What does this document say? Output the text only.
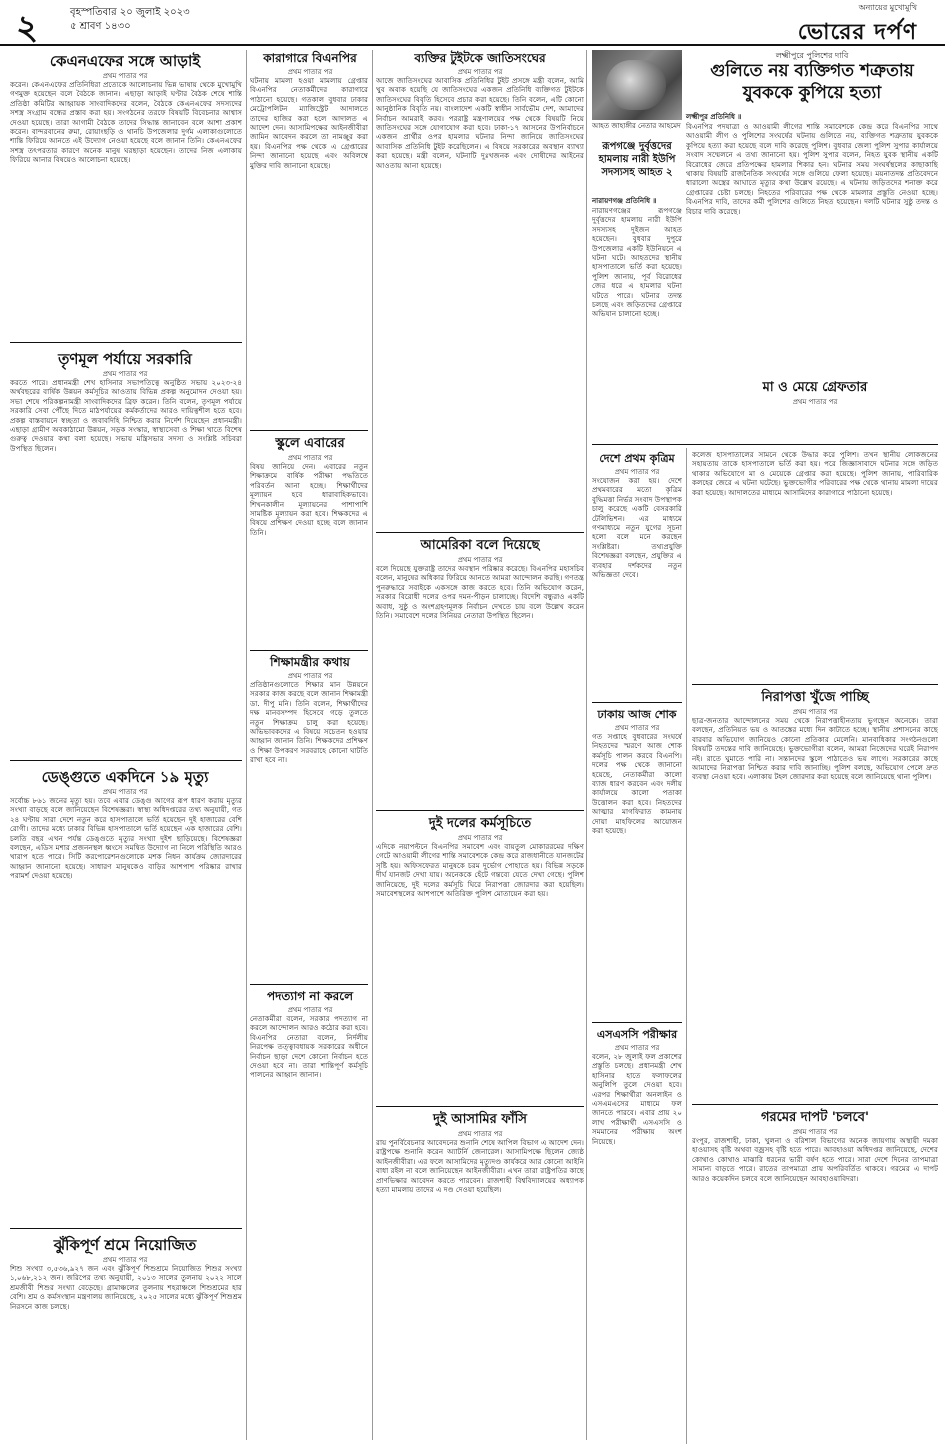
২	বৃহস্পতিবার ২০ জুলাই ২০২৩
৫ শ্রাবণ ১৪৩০
অন্যায়ের মুখোমুখি
ভোরের দর্পণ
কেএনএফের সঙ্গে আড়াই
প্রথম পাতার পর
করেন। কেএনএফের প্রতিনিধিরা প্রত্যেকে আলোচনায় ভিন্ন ভাষায় থেকে মুখোমুখি গণমুক্ত হয়েছেন বলে বৈঠকে জানান। এছাড়া আড়াই ঘণ্টার বৈঠক শেষে শান্তি প্রতিষ্ঠা কমিটির আহ্বায়ক সাংবাদিকদের বলেন, বৈঠকে কেএনএফের সদস্যদের সশস্ত্র সংগ্রাম বন্ধের প্রস্তাব করা হয়। সংগঠনের তরফে বিষয়টি বিবেচনার আশ্বাস দেওয়া হয়েছে। তারা আগামী বৈঠকে তাদের সিদ্ধান্ত জানাবেন বলে আশা প্রকাশ করেন। বান্দরবানের রুমা, রোয়াংছড়ি ও থানচি উপজেলার দুর্গম এলাকাগুলোতে শান্তি ফিরিয়ে আনতে এই উদ্যোগ নেওয়া হয়েছে বলে জানান তিনি। কেএনএফের সশস্ত্র তৎপরতার কারণে অনেক মানুষ ঘরছাড়া হয়েছেন। তাদের নিজ এলাকায় ফিরিয়ে আনার বিষয়েও আলোচনা হয়েছে।
তৃণমূল পর্যায়ে সরকারি
প্রথম পাতার পর
করতে পারে। প্রধানমন্ত্রী শেখ হাসিনার সভাপতিত্বে অনুষ্ঠিত সভায় ২০২৩-২৪ অর্থবছরের বার্ষিক উন্নয়ন কর্মসূচির আওতায় বিভিন্ন প্রকল্প অনুমোদন দেওয়া হয়। সভা শেষে পরিকল্পনামন্ত্রী সাংবাদিকদের ব্রিফ করেন। তিনি বলেন, তৃণমূল পর্যায়ে সরকারি সেবা পৌঁছে দিতে মাঠপর্যায়ের কর্মকর্তাদের আরও দায়িত্বশীল হতে হবে। প্রকল্প বাস্তবায়নে স্বচ্ছতা ও জবাবদিহি নিশ্চিত করার নির্দেশ দিয়েছেন প্রধানমন্ত্রী। এছাড়া গ্রামীণ অবকাঠামো উন্নয়ন, সড়ক সংস্কার, স্বাস্থ্যসেবা ও শিক্ষা খাতে বিশেষ গুরুত্ব দেওয়ার কথা বলা হয়েছে। সভায় মন্ত্রিসভার সদস্য ও সংশ্লিষ্ট সচিবরা উপস্থিত ছিলেন।
ডেঙ্গুতে একদিনে ১৯ মৃত্যু
প্রথম পাতার পর
সর্বোচ্চ ৮৬১ জনের মৃত্যু হয়। তবে এবার ডেঙ্গু আগের রূপ ধারণ করায় মৃত্যুর সংখ্যা বাড়ছে বলে জানিয়েছেন বিশেষজ্ঞরা। স্বাস্থ্য অধিদপ্তরের তথ্য অনুযায়ী, গত ২৪ ঘণ্টায় সারা দেশে নতুন করে হাসপাতালে ভর্তি হয়েছেন দুই হাজারের বেশি রোগী। তাদের মধ্যে ঢাকার বিভিন্ন হাসপাতালে ভর্তি হয়েছেন এক হাজারের বেশি। চলতি বছর এখন পর্যন্ত ডেঙ্গুতে মৃত্যুর সংখ্যা দুইশ ছাড়িয়েছে। বিশেষজ্ঞরা বলছেন, এডিস মশার প্রজননস্থল ধ্বংসে সমন্বিত উদ্যোগ না নিলে পরিস্থিতি আরও খারাপ হতে পারে। সিটি করপোরেশনগুলোকে মশক নিধন কার্যক্রম জোরদারের আহ্বান জানানো হয়েছে। সাধারণ মানুষকেও বাড়ির আশপাশ পরিষ্কার রাখার পরামর্শ দেওয়া হয়েছে।
ঝুঁকিপূর্ণ শ্রমে নিয়োজিত
প্রথম পাতার পর
শিশু সংখ্যা ৩,৫৩৬,৯২৭ জন এবং ঝুঁকিপূর্ণ শিশুশ্রমে নিয়োজিত শিশুর সংখ্যা ১,০৬৮,২১২ জন। জরিপের তথ্য অনুযায়ী, ২০১৩ সালের তুলনায় ২০২২ সালে শ্রমজীবী শিশুর সংখ্যা বেড়েছে। গ্রামাঞ্চলের তুলনায় শহরাঞ্চলে শিশুশ্রমের হার বেশি। শ্রম ও কর্মসংস্থান মন্ত্রণালয় জানিয়েছে, ২০২৫ সালের মধ্যে ঝুঁকিপূর্ণ শিশুশ্রম নিরসনে কাজ চলছে।
কারাগারে বিএনপির
প্রথম পাতার পর
ঘটনায় মামলা হওয়া মামলায় গ্রেপ্তার বিএনপির নেতাকর্মীদের কারাগারে পাঠানো হয়েছে। গতকাল বুধবার ঢাকার মেট্রোপলিটন ম্যাজিস্ট্রেট আদালতে তাদের হাজির করা হলে আদালত এ আদেশ দেন। আসামিপক্ষের আইনজীবীরা জামিন আবেদন করলে তা নামঞ্জুর করা হয়। বিএনপির পক্ষ থেকে এ গ্রেপ্তারের নিন্দা জানানো হয়েছে এবং অবিলম্বে মুক্তির দাবি জানানো হয়েছে।
স্কুলে এবারের
প্রথম পাতার পর
বিষয় জানিয়ে দেন। এবারের নতুন শিক্ষাক্রমে বার্ষিক পরীক্ষা পদ্ধতিতে পরিবর্তন আনা হচ্ছে। শিক্ষার্থীদের মূল্যায়ন হবে ধারাবাহিকভাবে। শিখনকালীন মূল্যায়নের পাশাপাশি সামষ্টিক মূল্যায়ন করা হবে। শিক্ষকদের এ বিষয়ে প্রশিক্ষণ দেওয়া হচ্ছে বলে জানান তিনি।
শিক্ষামন্ত্রীর কথায়
প্রথম পাতার পর
প্রতিষ্ঠানগুলোতে শিক্ষার মান উন্নয়নে সরকার কাজ করছে বলে জানান শিক্ষামন্ত্রী ডা. দীপু মনি। তিনি বলেন, শিক্ষার্থীদের দক্ষ মানবসম্পদ হিসেবে গড়ে তুলতে নতুন শিক্ষাক্রম চালু করা হয়েছে। অভিভাবকদের এ বিষয়ে সচেতন হওয়ার আহ্বান জানান তিনি। শিক্ষকদের প্রশিক্ষণ ও শিক্ষা উপকরণ সরবরাহে কোনো ঘাটতি রাখা হবে না।
পদত্যাগ না করলে
প্রথম পাতার পর
নেতাকর্মীরা বলেন, সরকার পদত্যাগ না করলে আন্দোলন আরও কঠোর করা হবে। বিএনপির নেতারা বলেন, নির্দলীয় নিরপেক্ষ তত্ত্বাবধায়ক সরকারের অধীনে নির্বাচন ছাড়া দেশে কোনো নির্বাচন হতে দেওয়া হবে না। তারা শান্তিপূর্ণ কর্মসূচি পালনের আহ্বান জানান।
ব্যক্তির টুইটকে জাতিসংঘের
প্রথম পাতার পর
আজে জাতিসংঘের আবাসিক প্রতিনিধির টুইট প্রসঙ্গে মন্ত্রী বলেন, আমি খুব অবাক হয়েছি যে জাতিসংঘের একজন প্রতিনিধি ব্যক্তিগত টুইটকে জাতিসংঘের বিবৃতি হিসেবে প্রচার করা হয়েছে। তিনি বলেন, এটি কোনো আনুষ্ঠানিক বিবৃতি নয়। বাংলাদেশ একটি স্বাধীন সার্বভৌম দেশ, আমাদের নির্বাচন আমরাই করব। পররাষ্ট্র মন্ত্রণালয়ের পক্ষ থেকে বিষয়টি নিয়ে জাতিসংঘের সঙ্গে যোগাযোগ করা হবে। ঢাকা-১৭ আসনের উপনির্বাচনে একজন প্রার্থীর ওপর হামলার ঘটনার নিন্দা জানিয়ে জাতিসংঘের আবাসিক প্রতিনিধি টুইট করেছিলেন। এ বিষয়ে সরকারের অবস্থান ব্যাখ্যা করা হয়েছে। মন্ত্রী বলেন, ঘটনাটি দুঃখজনক এবং দোষীদের আইনের আওতায় আনা হয়েছে।
আমেরিকা বলে দিয়েছে
প্রথম পাতার পর
বলে দিয়েছে যুক্তরাষ্ট্র তাদের অবস্থান পরিষ্কার করেছে। বিএনপির মহাসচিব বলেন, মানুষের অধিকার ফিরিয়ে আনতে আমরা আন্দোলন করছি। গণতন্ত্র পুনরুদ্ধারে সবাইকে একসঙ্গে কাজ করতে হবে। তিনি অভিযোগ করেন, সরকার বিরোধী দলের ওপর দমন-পীড়ন চালাচ্ছে। বিদেশি বন্ধুরাও একটি অবাধ, সুষ্ঠু ও অংশগ্রহণমূলক নির্বাচন দেখতে চায় বলে উল্লেখ করেন তিনি। সমাবেশে দলের সিনিয়র নেতারা উপস্থিত ছিলেন।
দুই দলের কর্মসূচিতে
প্রথম পাতার পর
এদিকে নয়াপল্টনে বিএনপির সমাবেশ এবং বায়তুল মোকাররমের দক্ষিণ গেটে আওয়ামী লীগের শান্তি সমাবেশকে কেন্দ্র করে রাজধানীতে যানজটের সৃষ্টি হয়। অফিসফেরত মানুষকে চরম দুর্ভোগ পোহাতে হয়। বিভিন্ন সড়কে দীর্ঘ যানজট দেখা যায়। অনেককে হেঁটে গন্তব্যে যেতে দেখা গেছে। পুলিশ জানিয়েছে, দুই দলের কর্মসূচি ঘিরে নিরাপত্তা জোরদার করা হয়েছিল। সমাবেশস্থলের আশপাশে অতিরিক্ত পুলিশ মোতায়েন করা হয়।
দুই আসামির ফাঁসি
প্রথম পাতার পর
রায় পুনর্বিবেচনার আবেদনের শুনানি শেষে আপিল বিভাগ এ আদেশ দেন। রাষ্ট্রপক্ষে শুনানি করেন অ্যাটর্নি জেনারেল। আসামিপক্ষে ছিলেন জ্যেষ্ঠ আইনজীবীরা। এর ফলে আসামিদের মৃত্যুদণ্ড কার্যকরে আর কোনো আইনি বাধা রইল না বলে জানিয়েছেন আইনজীবীরা। এখন তারা রাষ্ট্রপতির কাছে প্রাণভিক্ষার আবেদন করতে পারবেন। রাজশাহী বিশ্ববিদ্যালয়ের অধ্যাপক হত্যা মামলায় তাদের এ দণ্ড দেওয়া হয়েছিল।
আহত জাহাঙ্গীর নেতার আহমেদ
লক্ষ্মীপুরে পুলিশের দাবি
গুলিতে নয় ব্যক্তিগত শত্রুতায় যুবককে কুপিয়ে হত্যা
লক্ষ্মীপুর প্রতিনিধি ॥
বিএনপির পদযাত্রা ও আওয়ামী লীগের শান্তি সমাবেশকে কেন্দ্র করে বিএনপির সাথে আওয়ামী লীগ ও পুলিশের সংঘর্ষের ঘটনায় গুলিতে নয়, ব্যক্তিগত শত্রুতায় যুবককে কুপিয়ে হত্যা করা হয়েছে বলে দাবি করেছে পুলিশ। বুধবার জেলা পুলিশ সুপার কার্যালয়ে সংবাদ সম্মেলনে এ তথ্য জানানো হয়। পুলিশ সুপার বলেন, নিহত যুবক স্থানীয় একটি বিরোধের জেরে প্রতিপক্ষের হামলার শিকার হন। ঘটনার সময় সংঘর্ষস্থলের কাছাকাছি থাকায় বিষয়টি রাজনৈতিক সংঘর্ষের সঙ্গে গুলিয়ে ফেলা হয়েছে। ময়নাতদন্ত প্রতিবেদনে ধারালো অস্ত্রের আঘাতে মৃত্যুর কথা উল্লেখ রয়েছে। এ ঘটনায় জড়িতদের শনাক্ত করে গ্রেপ্তারের চেষ্টা চলছে। নিহতের পরিবারের পক্ষ থেকে মামলার প্রস্তুতি নেওয়া হচ্ছে। বিএনপির দাবি, তাদের কর্মী পুলিশের গুলিতে নিহত হয়েছেন। দলটি ঘটনার সুষ্ঠু তদন্ত ও বিচার দাবি করেছে।
রূপগঞ্জে দুর্বৃত্তদের হামলায় নারী ইউপি সদস্যসহ আহত ২
নারায়ণগঞ্জ প্রতিনিধি ॥
নারায়ণগঞ্জের রূপগঞ্জে দুর্বৃত্তদের হামলায় নারী ইউপি সদস্যসহ দুইজন আহত হয়েছেন। বুধবার দুপুরে উপজেলার একটি ইউনিয়নে এ ঘটনা ঘটে। আহতদের স্থানীয় হাসপাতালে ভর্তি করা হয়েছে। পুলিশ জানায়, পূর্ব বিরোধের জের ধরে এ হামলার ঘটনা ঘটতে পারে। ঘটনার তদন্ত চলছে এবং জড়িতদের গ্রেপ্তারে অভিযান চালানো হচ্ছে।
দেশে প্রথম কৃত্রিম
প্রথম পাতার পর
সংযোজন করা হয়। দেশে প্রথমবারের মতো কৃত্রিম বুদ্ধিমত্তা নির্ভর সংবাদ উপস্থাপক চালু করেছে একটি বেসরকারি টেলিভিশন। এর মাধ্যমে গণমাধ্যমে নতুন যুগের সূচনা হলো বলে মনে করছেন সংশ্লিষ্টরা। তথ্যপ্রযুক্তি বিশেষজ্ঞরা বলছেন, প্রযুক্তির এ ব্যবহার দর্শকদের নতুন অভিজ্ঞতা দেবে।
ঢাকায় আজ শোক
প্রথম পাতার পর
গত সপ্তাহে বুধবারের সংঘর্ষে নিহতদের স্মরণে আজ শোক কর্মসূচি পালন করবে বিএনপি। দলের পক্ষ থেকে জানানো হয়েছে, নেতাকর্মীরা কালো ব্যাজ ধারণ করবেন এবং দলীয় কার্যালয়ে কালো পতাকা উত্তোলন করা হবে। নিহতদের আত্মার মাগফিরাত কামনায় দোয়া মাহফিলের আয়োজন করা হয়েছে।
এসএসসি পরীক্ষার
প্রথম পাতার পর
বলেন, ২৮ জুলাই ফল প্রকাশের প্রস্তুতি চলছে। প্রধানমন্ত্রী শেখ হাসিনার হাতে ফলাফলের অনুলিপি তুলে দেওয়া হবে। এরপর শিক্ষার্থীরা অনলাইন ও এসএমএসের মাধ্যমে ফল জানতে পারবে। এবার প্রায় ২০ লাখ পরীক্ষার্থী এসএসসি ও সমমানের পরীক্ষায় অংশ নিয়েছে।
মা ও মেয়ে গ্রেফতার
প্রথম পাতার পর
কলেজ হাসপাতালের সামনে থেকে উদ্ধার করে পুলিশ। তখন স্থানীয় লোকজনের সহায়তায় তাকে হাসপাতালে ভর্তি করা হয়। পরে জিজ্ঞাসাবাদে ঘটনার সঙ্গে জড়িত থাকার অভিযোগে মা ও মেয়েকে গ্রেপ্তার করা হয়েছে। পুলিশ জানায়, পারিবারিক কলহের জেরে এ ঘটনা ঘটেছে। ভুক্তভোগীর পরিবারের পক্ষ থেকে থানায় মামলা দায়ের করা হয়েছে। আদালতের মাধ্যমে আসামিদের কারাগারে পাঠানো হয়েছে।
নিরাপত্তা খুঁজে পাচ্ছি
প্রথম পাতার পর
ছাত্র-জনতার আন্দোলনের সময় থেকে নিরাপত্তাহীনতায় ভুগছেন অনেকে। তারা বলছেন, প্রতিনিয়ত ভয় ও আতঙ্কের মধ্যে দিন কাটাতে হচ্ছে। স্থানীয় প্রশাসনের কাছে বারবার অভিযোগ জানিয়েও কোনো প্রতিকার মেলেনি। মানবাধিকার সংগঠনগুলো বিষয়টি তদন্তের দাবি জানিয়েছে। ভুক্তভোগীরা বলেন, আমরা নিজেদের ঘরেই নিরাপদ নই। রাতে ঘুমাতে পারি না। সন্তানদের স্কুলে পাঠাতেও ভয় লাগে। সরকারের কাছে আমাদের নিরাপত্তা নিশ্চিত করার দাবি জানাচ্ছি। পুলিশ বলছে, অভিযোগ পেলে দ্রুত ব্যবস্থা নেওয়া হবে। এলাকায় টহল জোরদার করা হয়েছে বলে জানিয়েছে থানা পুলিশ।
গরমের দাপট 'চলবে'
প্রথম পাতার পর
রংপুর, রাজশাহী, ঢাকা, খুলনা ও বরিশাল বিভাগের অনেক জায়গায় অস্থায়ী দমকা হাওয়াসহ বৃষ্টি অথবা বজ্রসহ বৃষ্টি হতে পারে। আবহাওয়া অধিদপ্তর জানিয়েছে, দেশের কোথাও কোথাও মাঝারি ধরনের ভারী বর্ষণ হতে পারে। সারা দেশে দিনের তাপমাত্রা সামান্য বাড়তে পারে। রাতের তাপমাত্রা প্রায় অপরিবর্তিত থাকবে। গরমের এ দাপট আরও কয়েকদিন চলবে বলে জানিয়েছেন আবহাওয়াবিদরা।
